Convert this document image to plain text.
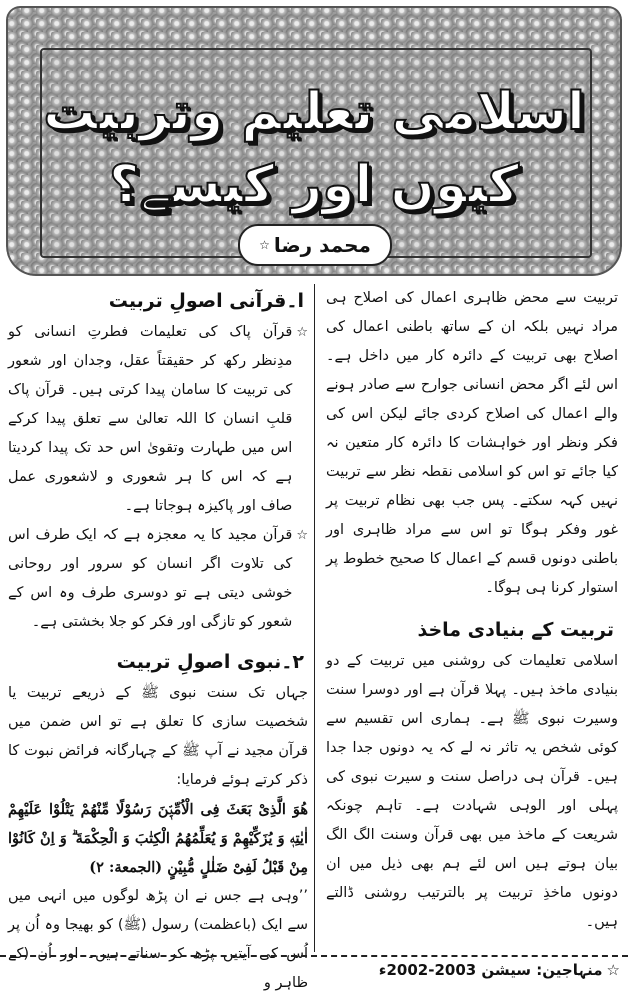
اسلامی تعلیم وتربیت کیوں اور کیسے؟
محمد رضا
☆

تربیت سے محض ظاہری اعمال کی اصلاح ہی مراد نہیں بلکہ ان کے ساتھ باطنی اعمال کی اصلاح بھی تربیت کے دائرہ کار میں داخل ہے۔ اس لئے اگر محض انسانی جوارح سے صادر ہونے والے اعمال کی اصلاح کردی جائے لیکن اس کی فکر ونظر اور خواہشات کا دائرہ کار متعین نہ کیا جائے تو اس کو اسلامی نقطہ نظر سے تربیت نہیں کہہ سکتے۔ پس جب بھی نظام تربیت پر غور وفکر ہوگا تو اس سے مراد ظاہری اور باطنی دونوں قسم کے اعمال کا صحیح خطوط پر استوار کرنا ہی ہوگا۔

تربیت کے بنیادی ماخذ

اسلامی تعلیمات کی روشنی میں تربیت کے دو بنیادی ماخذ ہیں۔ پہلا قرآن ہے اور دوسرا سنت وسیرت نبوی ﷺ ہے۔ ہماری اس تقسیم سے کوئی شخص یہ تاثر نہ لے کہ یہ دونوں جدا جدا ہیں۔ قرآن ہی دراصل سنت و سیرت نبوی کی پہلی اور الوہی شہادت ہے۔ تاہم چونکہ شریعت کے ماخذ میں بھی قرآن وسنت الگ الگ بیان ہوتے ہیں اس لئے ہم بھی ذیل میں ان دونوں ماخذِ تربیت پر بالترتیب روشنی ڈالتے ہیں۔

ا۔قرآنی اصولِ تربیت
☆

قرآن پاک کی تعلیمات فطرتِ انسانی کو مدِنظر رکھ کر حقیقتاً عقل، وجدان اور شعور کی تربیت کا سامان پیدا کرتی ہیں۔ قرآن پاک قلبِ انسان کا اللہ تعالیٰ سے تعلق پیدا کرکے اس میں طہارت وتقویٰ اس حد تک پیدا کردیتا ہے کہ اس کا ہر شعوری و لاشعوری عمل صاف اور پاکیزہ ہوجاتا ہے۔

☆

قرآن مجید کا یہ معجزہ ہے کہ ایک طرف اس کی تلاوت اگر انسان کو سرور اور روحانی خوشی دیتی ہے تو دوسری طرف وہ اس کے شعور کو تازگی اور فکر کو جلا بخشتی ہے۔

۲۔نبوی اصولِ تربیت

جہاں تک سنت نبوی ﷺ کے ذریعے تربیت یا شخصیت سازی کا تعلق ہے تو اس ضمن میں قرآن مجید نے آپ ﷺ کے چہارگانہ فرائض نبوت کا ذکر کرتے ہوئے فرمایا:

هُوَ الَّذِیْ بَعَثَ فِی الْاُمِّیّٖنَ رَسُوْلًا مِّنْهُمْ یَتْلُوْا عَلَیْهِمْ اٰیٰتِهٖ وَ یُزَكِّیْهِمْ وَ یُعَلِّمُهُمُ الْكِتٰبَ وَ الْحِكْمَةَ ۗ وَ اِنْ كَانُوْا مِنْ قَبْلُ لَفِیْ ضَلٰلٍ مُّبِیْنٍ (الجمعة: ۲)

’’وہی ہے جس نے ان پڑھ لوگوں میں انہی میں سے ایک (باعظمت) رسول (ﷺ) کو بھیجا وہ اُن پر اُس کی آیتیں پڑھ کر سناتے ہیں۔ اور اُن (کے ظاہر و

☆
منہاجین: سیشن 2003-2002ء
